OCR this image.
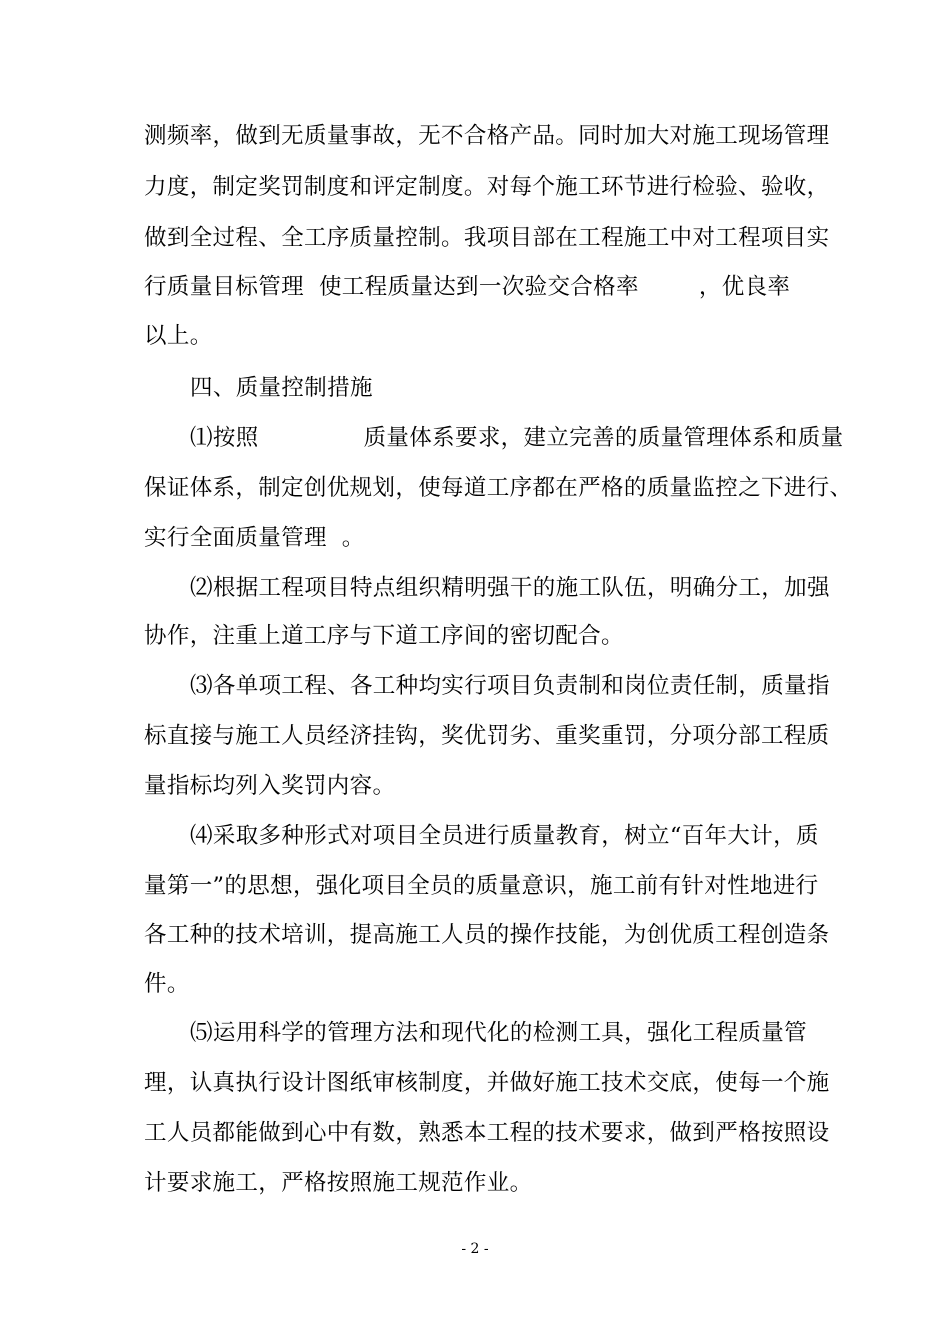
测频率，做到无质量事故，无不合格产品。同时加大对施工现场管理
力度，制定奖罚制度和评定制度。对每个施工环节进行检验、验收，
做到全过程、全工序质量控制。我项目部在工程施工中对工程项目实
行质量目标管理  使工程质量达到一次验交合格率        ，优良率
以上。
四、质量控制措施
⑴按照              质量体系要求，建立完善的质量管理体系和质量
保证体系，制定创优规划，使每道工序都在严格的质量监控之下进行、
实行全面质量管理  。
⑵根据工程项目特点组织精明强干的施工队伍，明确分工，加强
协作，注重上道工序与下道工序间的密切配合。
⑶各单项工程、各工种均实行项目负责制和岗位责任制，质量指
标直接与施工人员经济挂钩，奖优罚劣、重奖重罚，分项分部工程质
量指标均列入奖罚内容。
⑷采取多种形式对项目全员进行质量教育，树立“百年大计，质
量第一”的思想，强化项目全员的质量意识，施工前有针对性地进行
各工种的技术培训，提高施工人员的操作技能，为创优质工程创造条
件。
⑸运用科学的管理方法和现代化的检测工具，强化工程质量管
理，认真执行设计图纸审核制度，并做好施工技术交底，使每一个施
工人员都能做到心中有数，熟悉本工程的技术要求，做到严格按照设
计要求施工，严格按照施工规范作业。
- 2 -
